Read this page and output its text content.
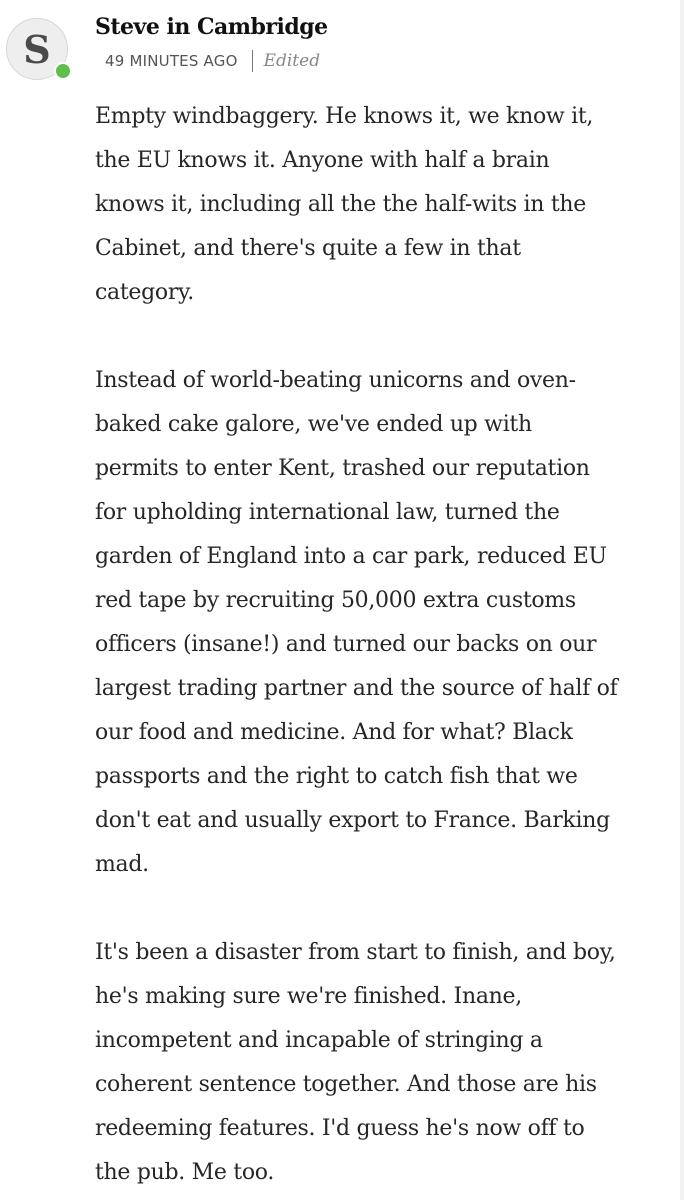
S Steve in Cambridge
49 MINUTES AGO Edited

Empty windbaggery. He knows it, we know it,
the EU knows it. Anyone with half a brain
knows it, including all the the half-wits in the
Cabinet, and there's quite a few in that
category.

Instead of world-beating unicorns and oven-
baked cake galore, we've ended up with
permits to enter Kent, trashed our reputation
for upholding international law, turned the
garden of England into a car park, reduced EU
red tape by recruiting 50,000 extra customs
officers (insane!) and turned our backs on our
largest trading partner and the source of half of
our food and medicine. And for what? Black
passports and the right to catch fish that we
don't eat and usually export to France. Barking
mad.

It's been a disaster from start to finish, and boy,
he's making sure we're finished. Inane,
incompetent and incapable of stringing a
coherent sentence together. And those are his
redeeming features. I'd guess he's now off to
the pub. Me too.
